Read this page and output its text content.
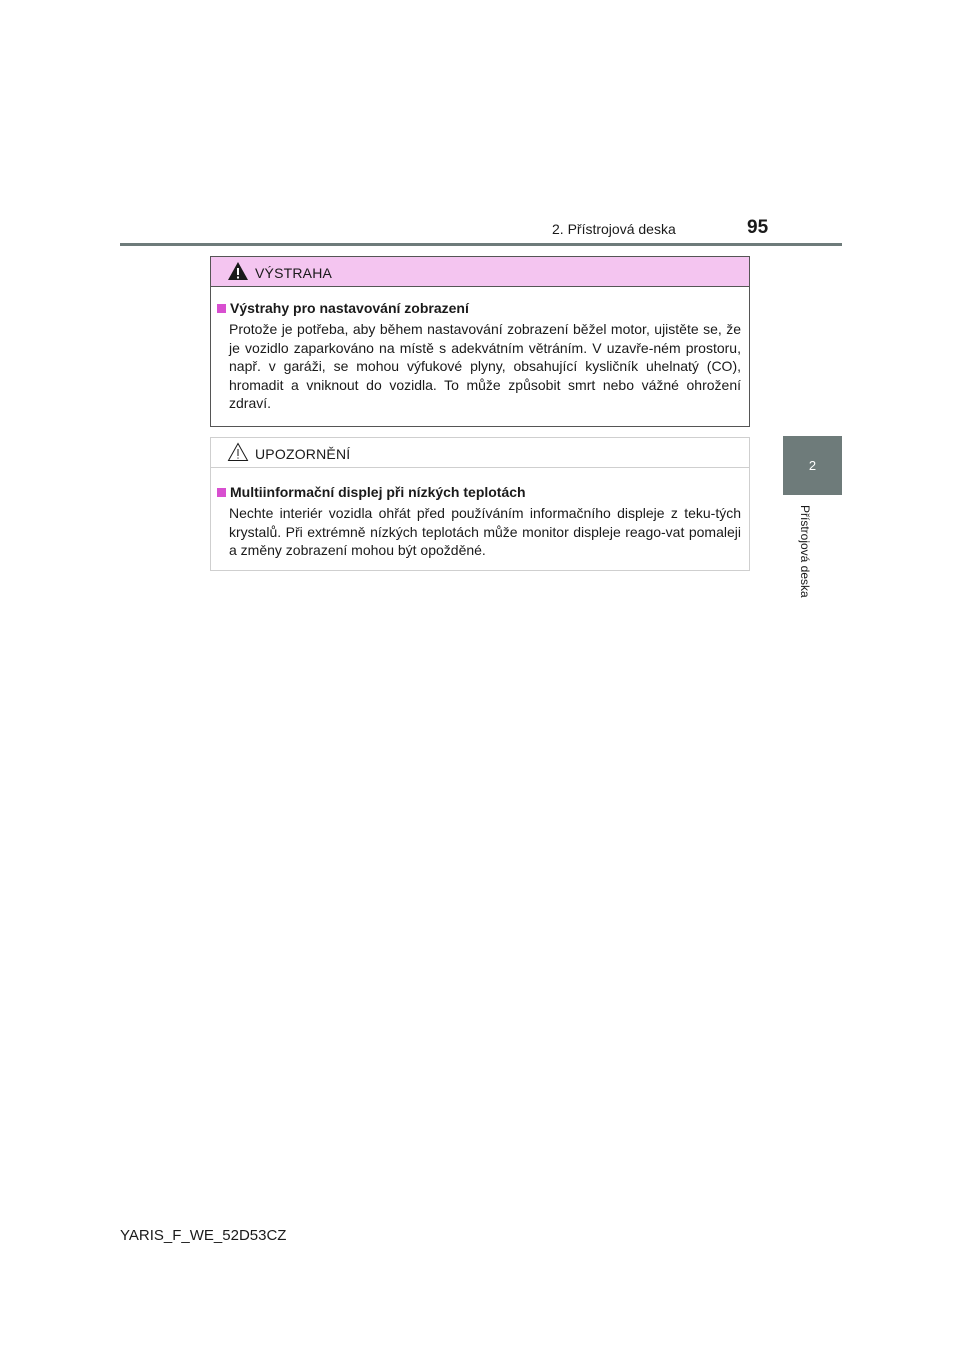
2. Přístrojová deska	95
2
Přístrojová deska
VÝSTRAHA
Výstrahy pro nastavování zobrazení
Protože je potřeba, aby během nastavování zobrazení běžel motor, ujistěte se, že je vozidlo zaparkováno na místě s adekvátním větráním. V uzavře-ném prostoru, např. v garáži, se mohou výfukové plyny, obsahující kysličník uhelnatý (CO), hromadit a vniknout do vozidla. To může způsobit smrt nebo vážné ohrožení zdraví.
UPOZORNĚNÍ
Multiinformační displej při nízkých teplotách
Nechte interiér vozidla ohřát před používáním informačního displeje z teku-tých krystalů. Při extrémně nízkých teplotách může monitor displeje reago-vat pomaleji a změny zobrazení mohou být opožděné.
YARIS_F_WE_52D53CZ
